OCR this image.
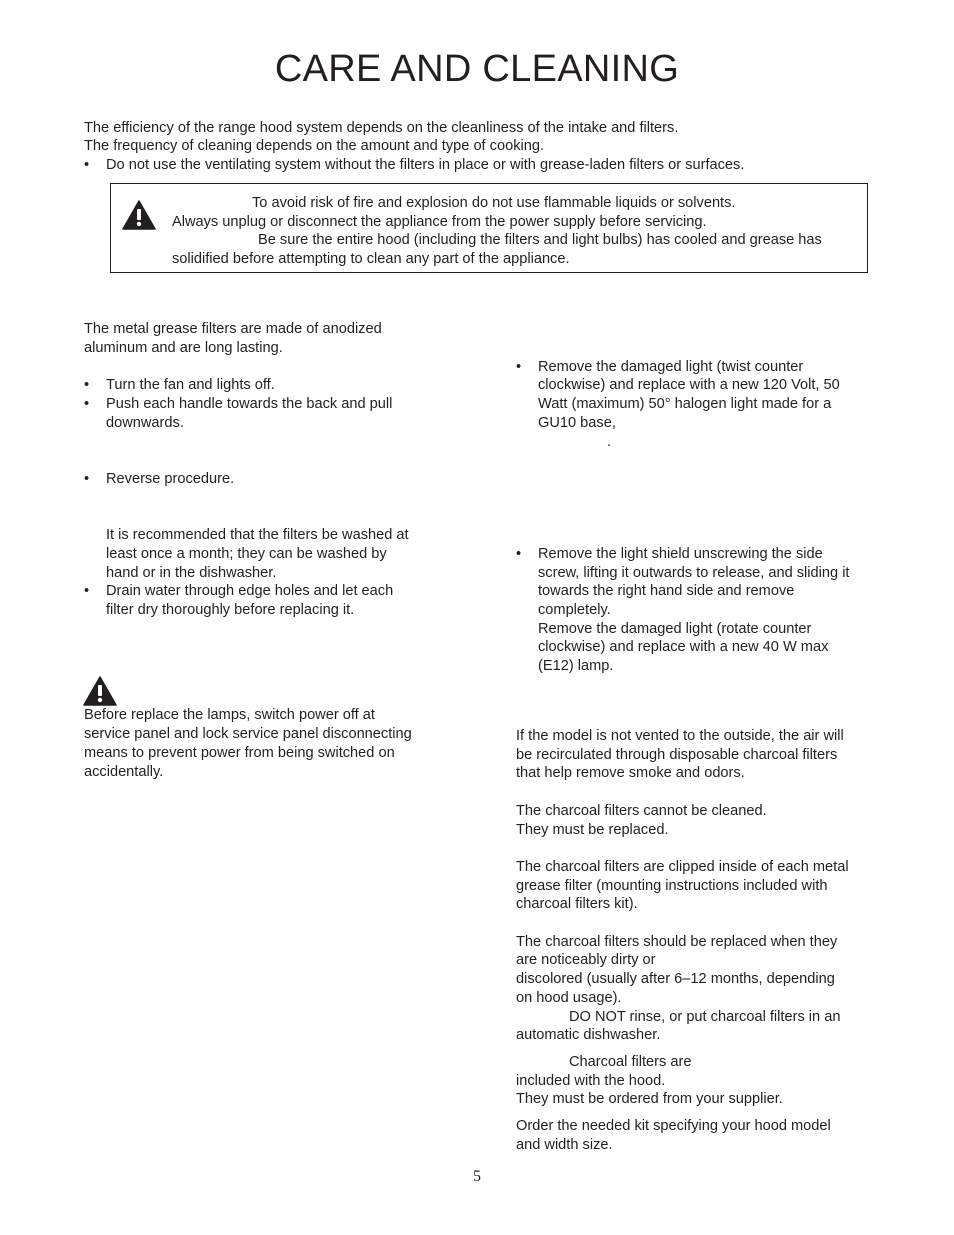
CARE AND CLEANING
The efficiency of the range hood system depends on the cleanliness of the intake and filters.
The frequency of cleaning depends on the amount and type of cooking.
• Do not use the ventilating system without the filters in place or with grease-laden filters or surfaces.
To avoid risk of fire and explosion do not use flammable liquids or solvents.
Always unplug or disconnect the appliance from the power supply before servicing.
Be sure the entire hood (including the filters and light bulbs) has cooled and grease has
solidified before attempting to clean any part of the appliance.
The metal grease filters are made of anodized
aluminum and are long lasting.
• Turn the fan and lights off.
• Push each handle towards the back and pull
downwards.
• Reverse procedure.
It is recommended that the filters be washed at
least once a month; they can be washed by
hand or in the dishwasher.
• Drain water through edge holes and let each
filter dry thoroughly before replacing it.
Before replace the lamps, switch power off at
service panel and lock service panel disconnecting
means to prevent power from being switched on
accidentally.
• Remove the damaged light (twist counter
clockwise) and replace with a new 120 Volt, 50
Watt (maximum) 50° halogen light made for a
GU10 base,
.
• Remove the light shield unscrewing the side
screw, lifting it outwards to release, and sliding it
towards the right hand side and remove
completely.
Remove the damaged light (rotate counter
clockwise) and replace with a new 40 W max
(E12) lamp.
If the model is not vented to the outside, the air will
be recirculated through disposable charcoal filters
that help remove smoke and odors.
The charcoal filters cannot be cleaned.
They must be replaced.
The charcoal filters are clipped inside of each metal
grease filter (mounting instructions included with
charcoal filters kit).
The charcoal filters should be replaced when they
are noticeably dirty or
discolored (usually after 6–12 months, depending
on hood usage).
DO NOT rinse, or put charcoal filters in an
automatic dishwasher.
Charcoal filters are
included with the hood.
They must be ordered from your supplier.
Order the needed kit specifying your hood model
and width size.
5
